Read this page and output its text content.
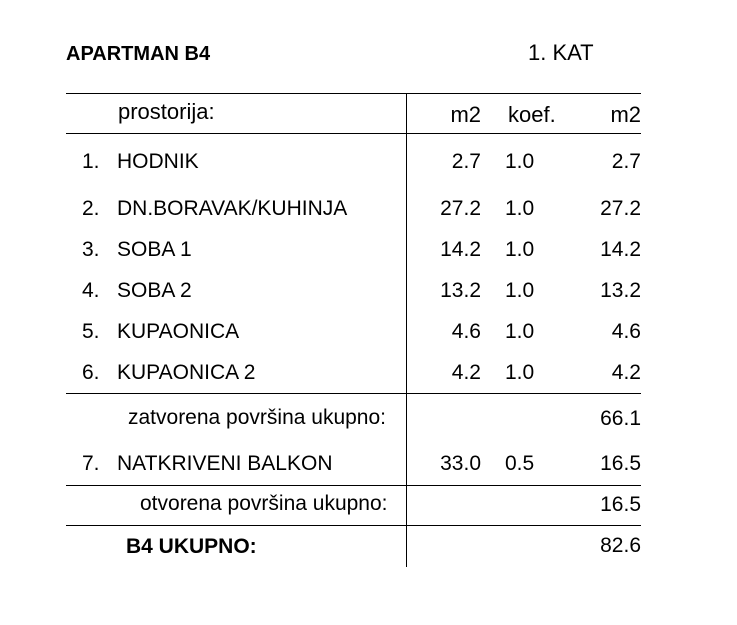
APARTMAN B4	1. KAT
prostorija:	m2 koef.	m2
1. HODNIK	2.7 1.0	2.7
2. DN.BORAVAK/KUHINJA	27.2 1.0	27.2
3. SOBA 1	14.2 1.0	14.2
4. SOBA 2	13.2 1.0	13.2
5. KUPAONICA	4.6 1.0	4.6
6. KUPAONICA 2	4.2 1.0	4.2
zatvorena površina ukupno:	66.1
7. NATKRIVENI BALKON	33.0 0.5	16.5
otvorena površina ukupno:	16.5
B4 UKUPNO:	82.6
